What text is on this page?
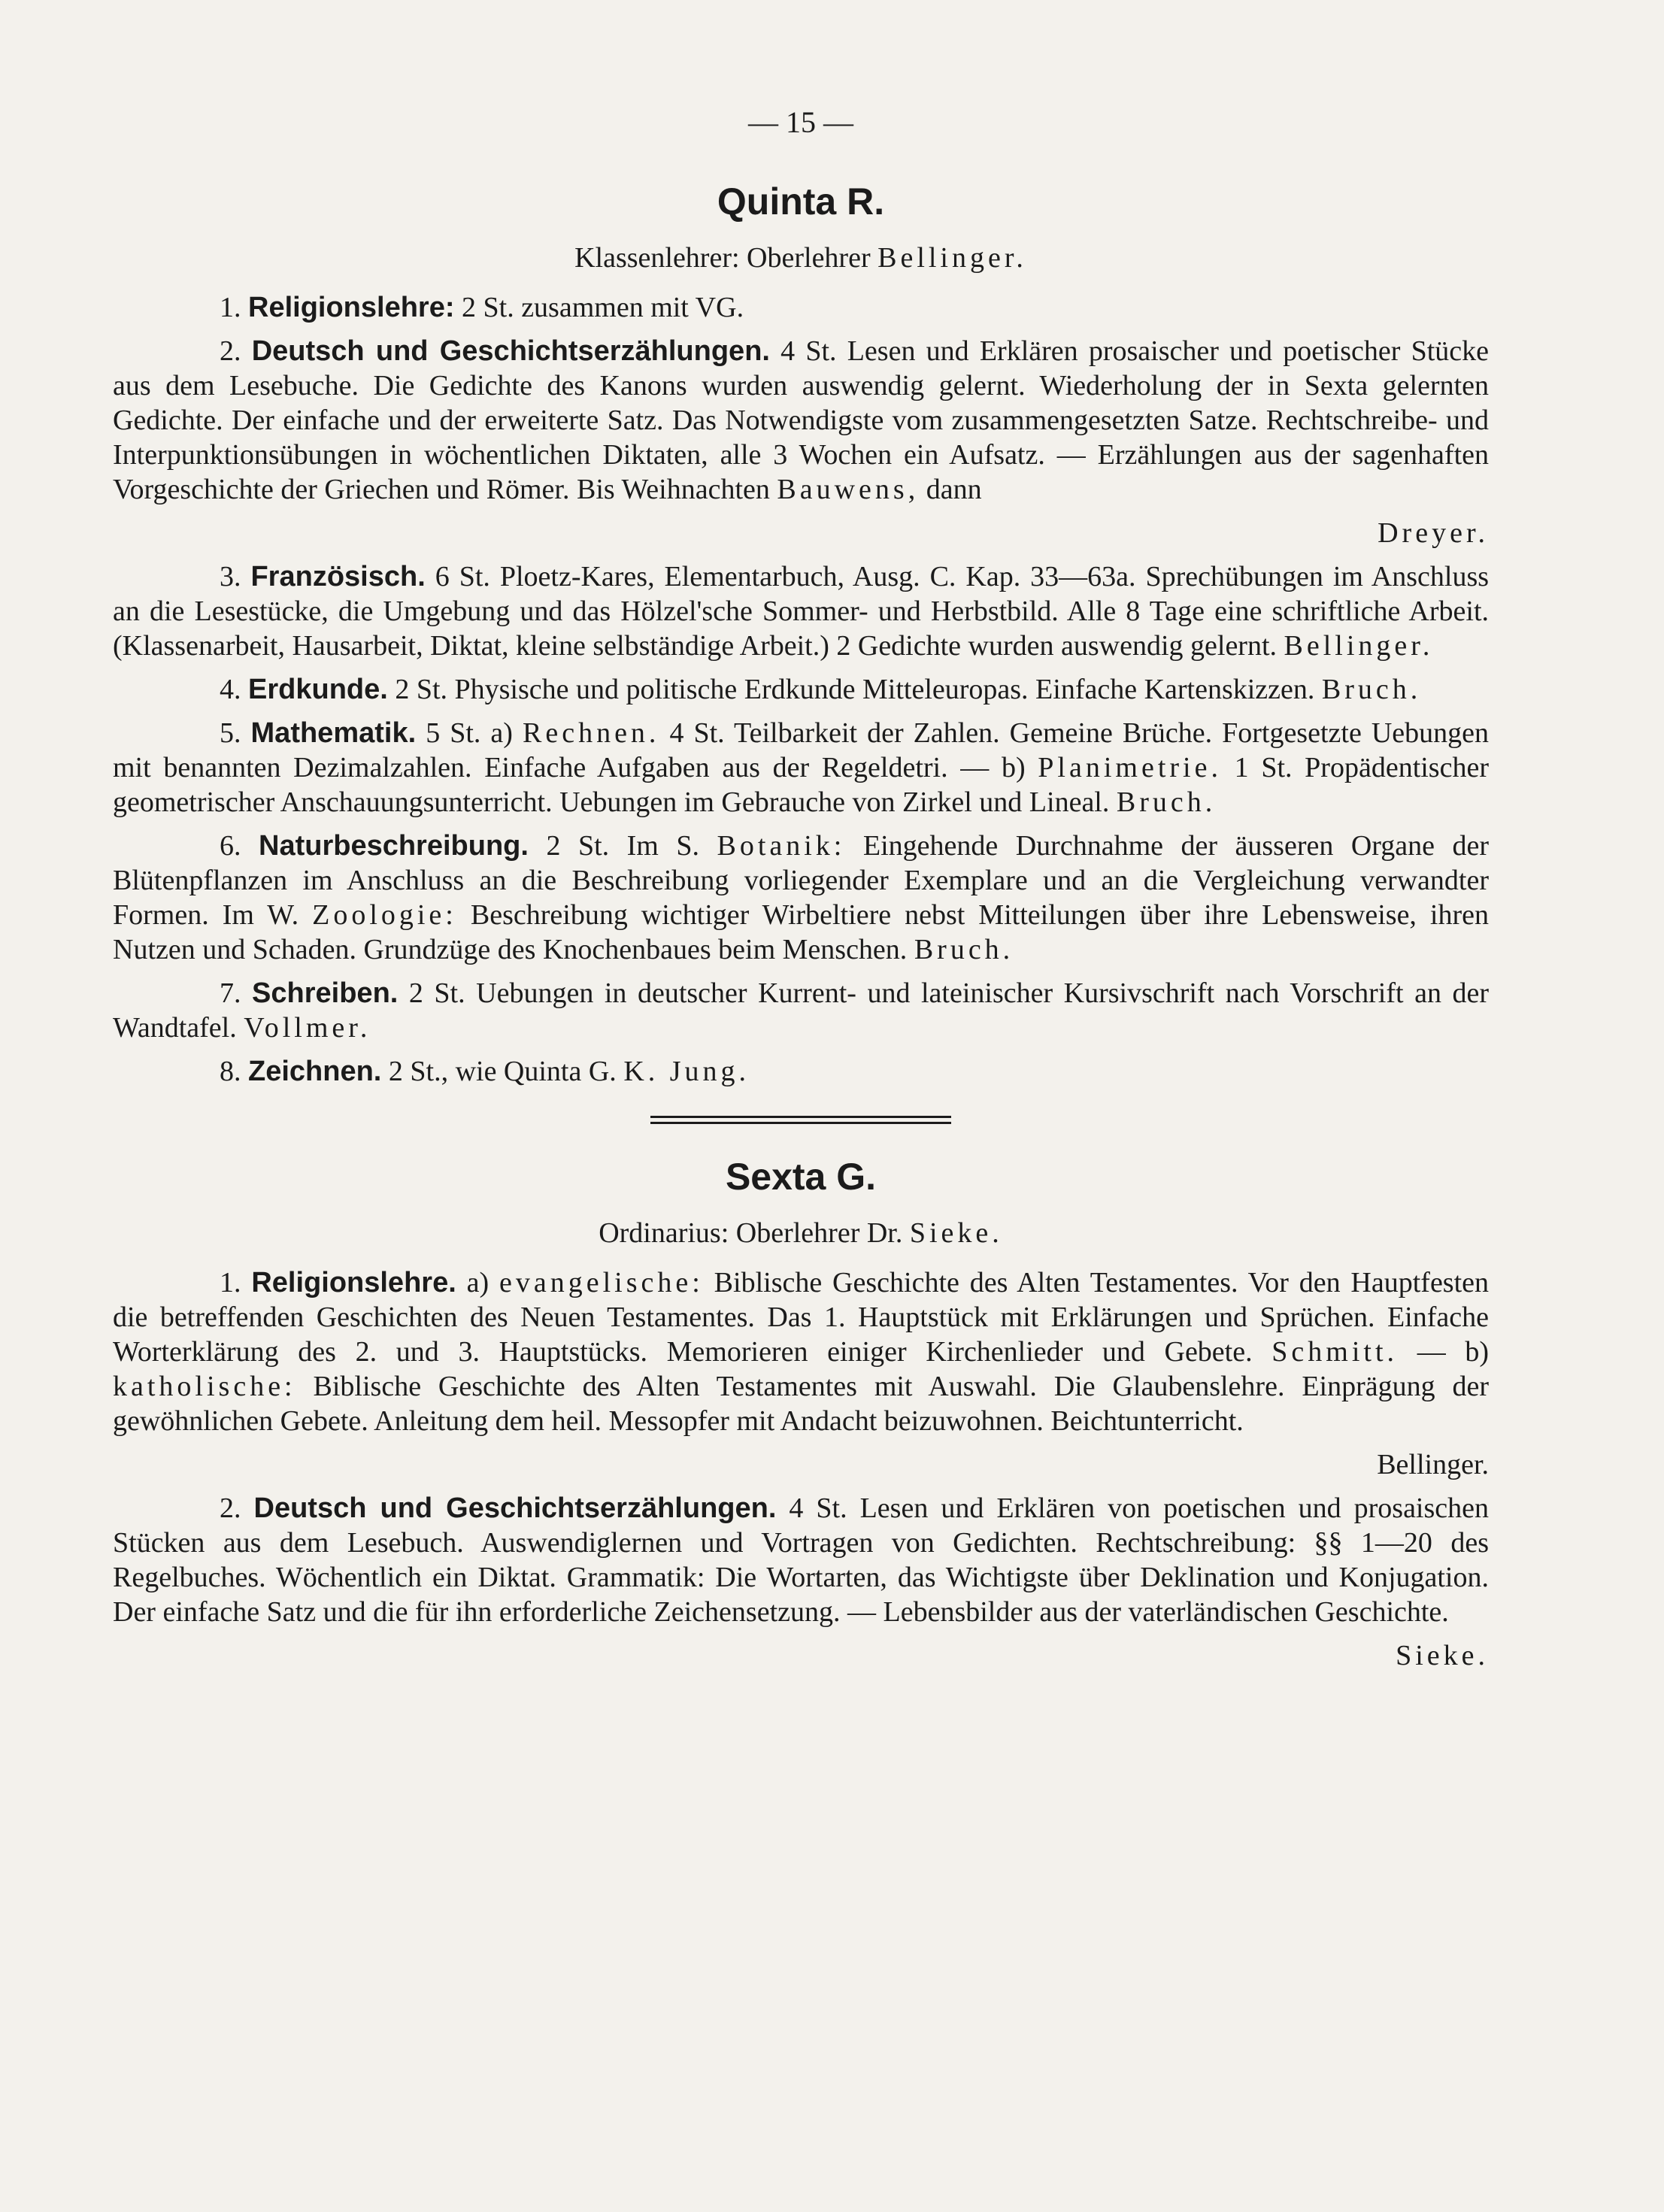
— 15 —
Quinta R.
Klassenlehrer: Oberlehrer Bellinger.

1. Religionslehre: 2 St. zusammen mit VG.

2. Deutsch und Geschichtserzählungen. 4 St. Lesen und Erklären prosaischer und poetischer Stücke aus dem Lesebuche. Die Gedichte des Kanons wurden auswendig gelernt. Wiederholung der in Sexta gelernten Gedichte. Der einfache und der erweiterte Satz. Das Notwendigste vom zusammengesetzten Satze. Rechtschreibe- und Interpunktionsübungen in wöchentlichen Diktaten, alle 3 Wochen ein Aufsatz. — Erzählungen aus der sagenhaften Vorgeschichte der Griechen und Römer. Bis Weihnachten Bauwens, dann

Dreyer.

3. Französisch. 6 St. Ploetz-Kares, Elementarbuch, Ausg. C. Kap. 33—63a. Sprechübungen im Anschluss an die Lesestücke, die Umgebung und das Hölzel'sche Sommer- und Herbstbild. Alle 8 Tage eine schriftliche Arbeit. (Klassenarbeit, Hausarbeit, Diktat, kleine selbständige Arbeit.) 2 Gedichte wurden auswendig gelernt. Bellinger.

4. Erdkunde. 2 St. Physische und politische Erdkunde Mitteleuropas. Einfache Kartenskizzen. Bruch.

5. Mathematik. 5 St. a) Rechnen. 4 St. Teilbarkeit der Zahlen. Gemeine Brüche. Fortgesetzte Uebungen mit benannten Dezimalzahlen. Einfache Aufgaben aus der Regeldetri. — b) Planimetrie. 1 St. Propädentischer geometrischer Anschauungsunterricht. Uebungen im Gebrauche von Zirkel und Lineal. Bruch.

6. Naturbeschreibung. 2 St. Im S. Botanik: Eingehende Durchnahme der äusseren Organe der Blütenpflanzen im Anschluss an die Beschreibung vorliegender Exemplare und an die Vergleichung verwandter Formen. Im W. Zoologie: Beschreibung wichtiger Wirbeltiere nebst Mitteilungen über ihre Lebensweise, ihren Nutzen und Schaden. Grundzüge des Knochenbaues beim Menschen. Bruch.

7. Schreiben. 2 St. Uebungen in deutscher Kurrent- und lateinischer Kursivschrift nach Vorschrift an der Wandtafel. Vollmer.

8. Zeichnen. 2 St., wie Quinta G. K. Jung.

Sexta G.
Ordinarius: Oberlehrer Dr. Sieke.

1. Religionslehre. a) evangelische: Biblische Geschichte des Alten Testamentes. Vor den Hauptfesten die betreffenden Geschichten des Neuen Testamentes. Das 1. Hauptstück mit Erklärungen und Sprüchen. Einfache Worterklärung des 2. und 3. Hauptstücks. Memorieren einiger Kirchenlieder und Gebete. Schmitt. — b) katholische: Biblische Geschichte des Alten Testamentes mit Auswahl. Die Glaubenslehre. Einprägung der gewöhnlichen Gebete. Anleitung dem heil. Messopfer mit Andacht beizuwohnen. Beichtunterricht.

Bellinger.

2. Deutsch und Geschichtserzählungen. 4 St. Lesen und Erklären von poetischen und prosaischen Stücken aus dem Lesebuch. Auswendiglernen und Vortragen von Gedichten. Rechtschreibung: §§ 1—20 des Regelbuches. Wöchentlich ein Diktat. Grammatik: Die Wortarten, das Wichtigste über Deklination und Konjugation. Der einfache Satz und die für ihn erforderliche Zeichensetzung. — Lebensbilder aus der vaterländischen Geschichte.

Sieke.
